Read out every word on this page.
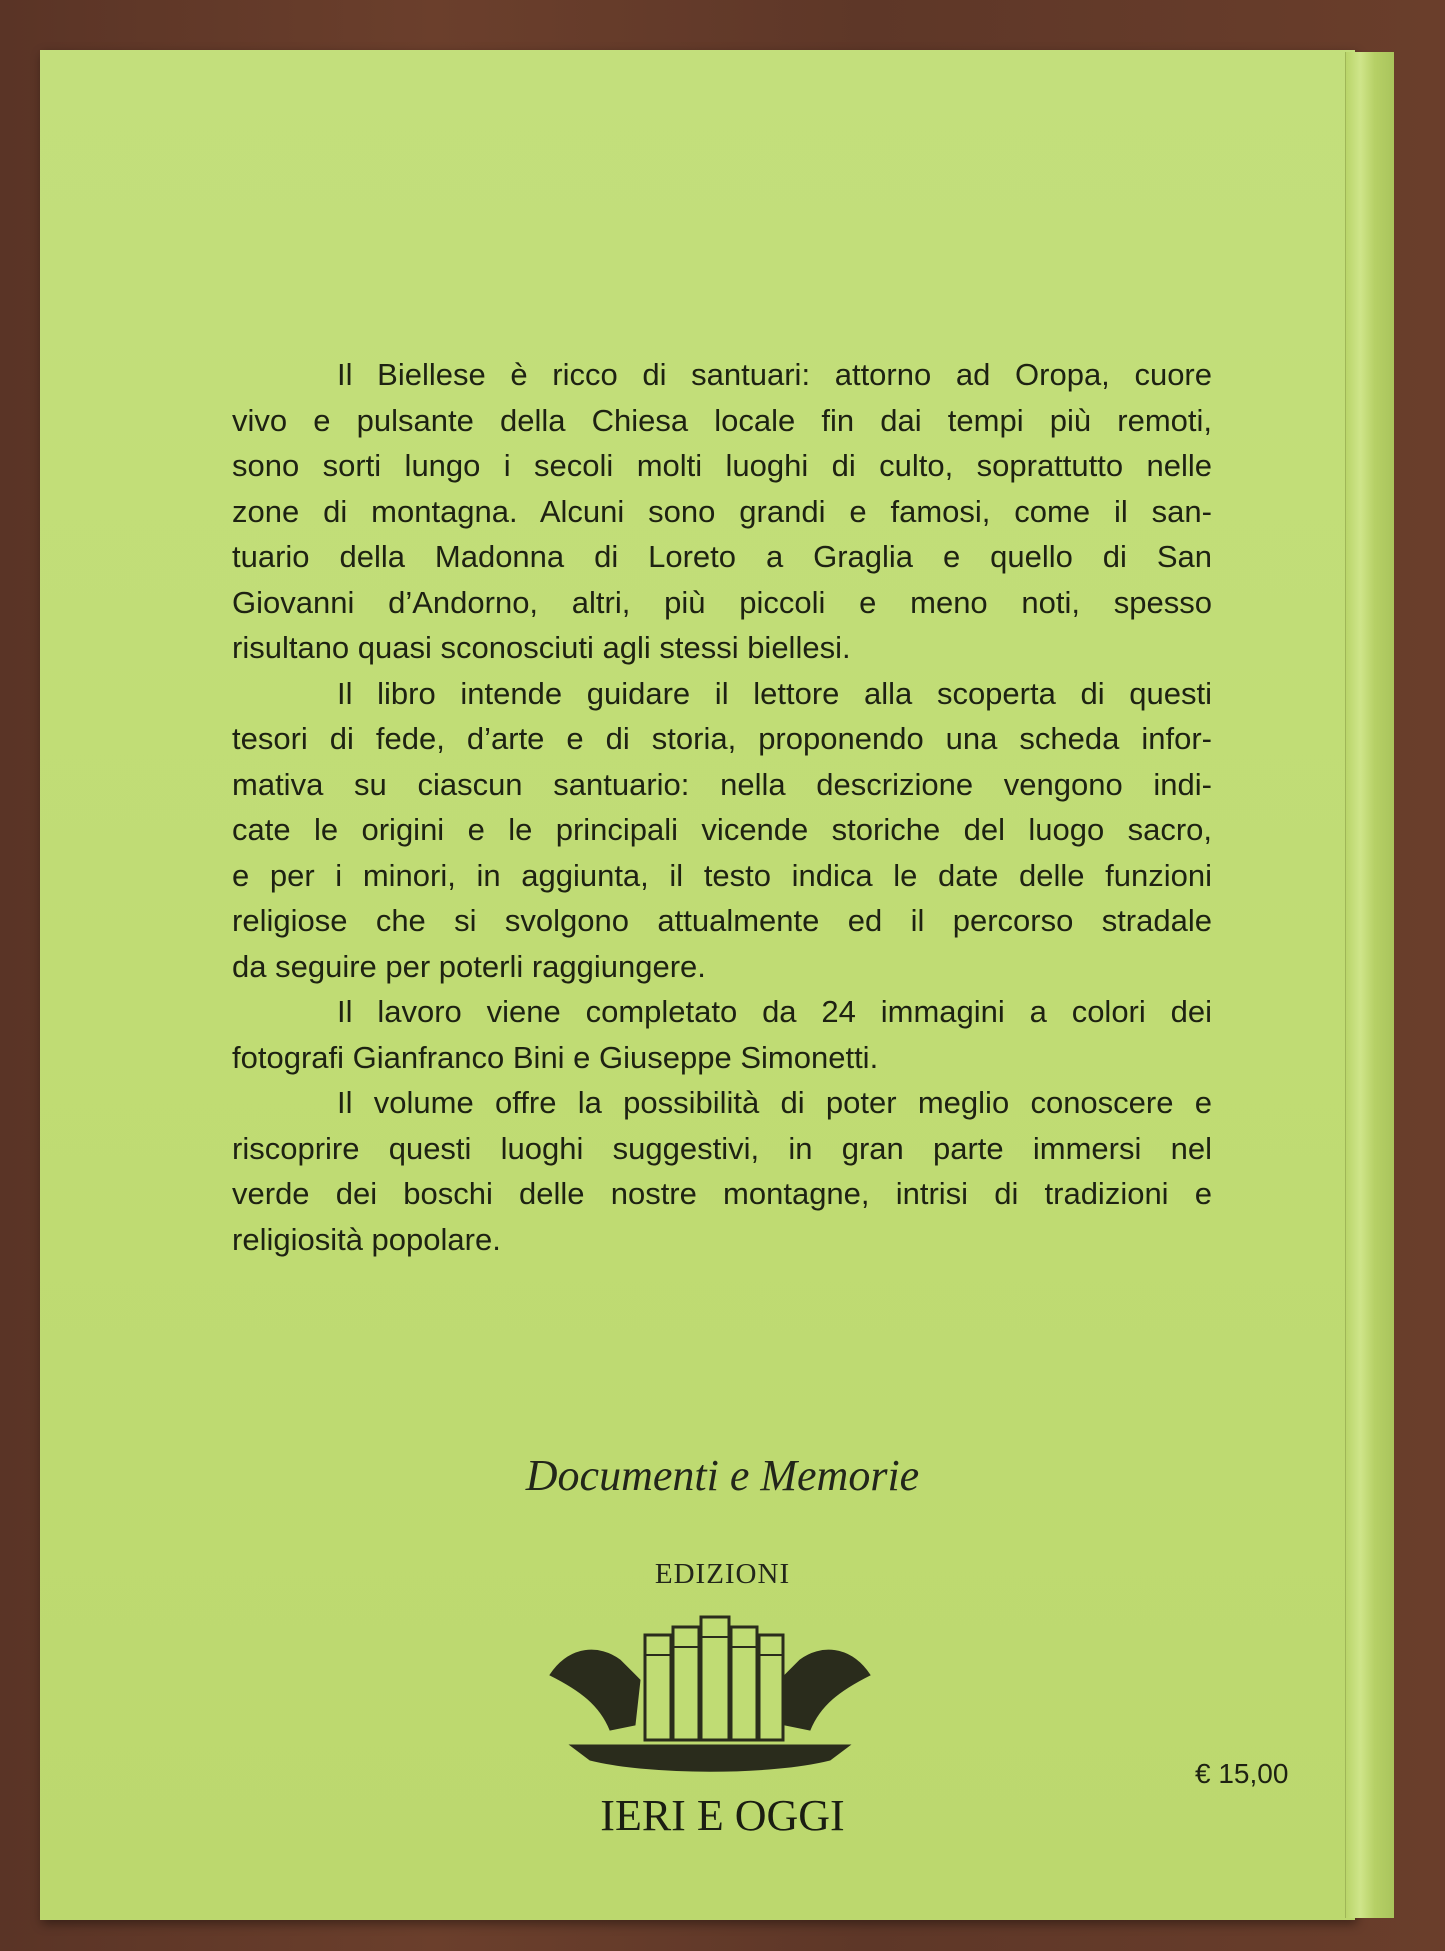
Il Biellese è ricco di santuari: attorno ad Oropa, cuore
vivo e pulsante della Chiesa locale fin dai tempi più remoti,
sono sorti lungo i secoli molti luoghi di culto, soprattutto nelle
zone di montagna. Alcuni sono grandi e famosi, come il san-
tuario della Madonna di Loreto a Graglia e quello di San
Giovanni d’Andorno, altri, più piccoli e meno noti, spesso
risultano quasi sconosciuti agli stessi biellesi.
Il libro intende guidare il lettore alla scoperta di questi
tesori di fede, d’arte e di storia, proponendo una scheda infor-
mativa su ciascun santuario: nella descrizione vengono indi-
cate le origini e le principali vicende storiche del luogo sacro,
e per i minori, in aggiunta, il testo indica le date delle funzioni
religiose che si svolgono attualmente ed il percorso stradale
da seguire per poterli raggiungere.
Il lavoro viene completato da 24 immagini a colori dei
fotografi Gianfranco Bini e Giuseppe Simonetti.
Il volume offre la possibilità di poter meglio conoscere e
riscoprire questi luoghi suggestivi, in gran parte immersi nel
verde dei boschi delle nostre montagne, intrisi di tradizioni e
religiosità popolare.
Documenti e Memorie
EDIZIONI
IERI E OGGI
€ 15,00
